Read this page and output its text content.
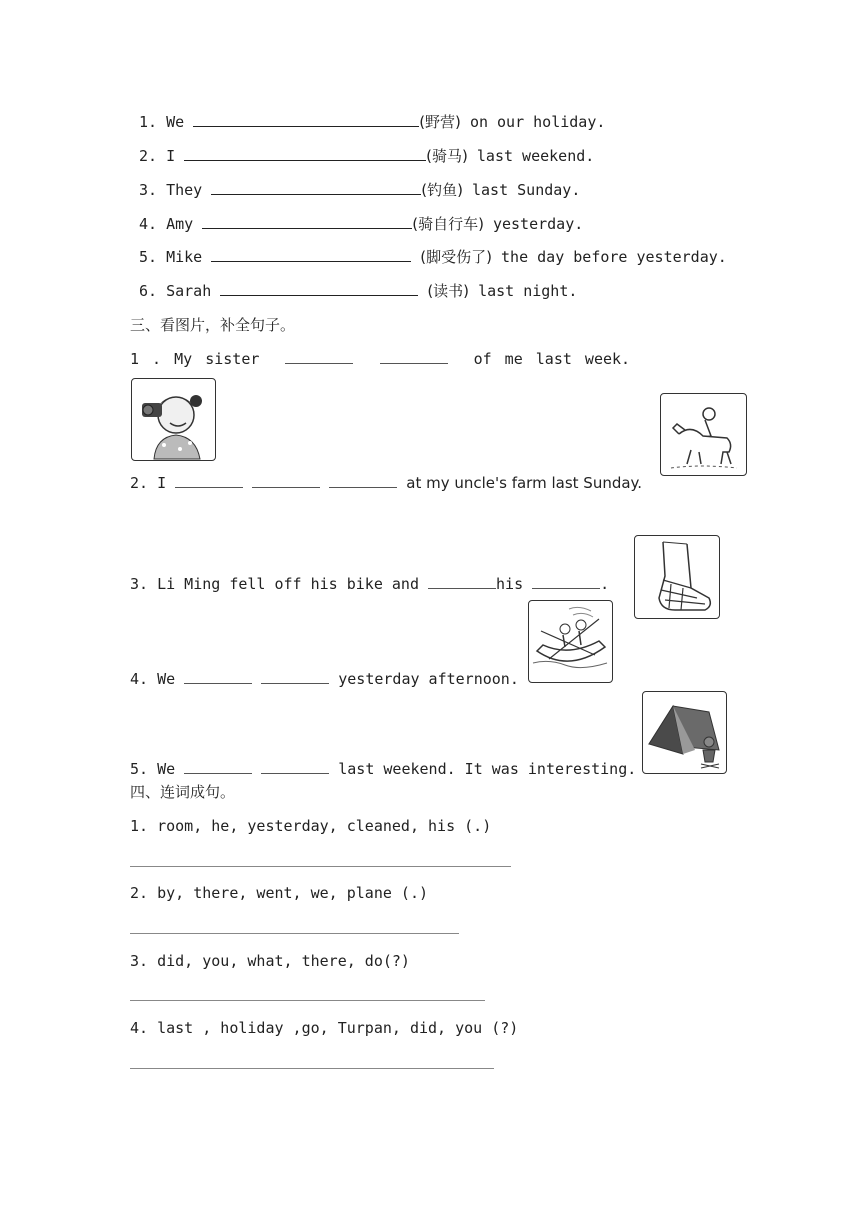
1. We	(野营) on our holiday.
2. I	(骑马) last weekend.
3. They	(钓鱼) last Sunday.
4. Amy	(骑自行车) yesterday.
5. Mike	(脚受伤了) the day before yesterday.
6. Sarah	(读书) last night.
三、看图片，补全句子。
1 . My sister	of me last week.
2. I	at my uncle's farm last Sunday.
3. Li Ming fell off his bike and	his	.
4. We	yesterday afternoon.
5. We	last weekend. It was interesting.
四、连词成句。
1. room, he, yesterday, cleaned, his (.)
2. by, there, went, we, plane (.)
3. did, you, what, there, do(?)
4. last , holiday ,go, Turpan, did, you (?)
